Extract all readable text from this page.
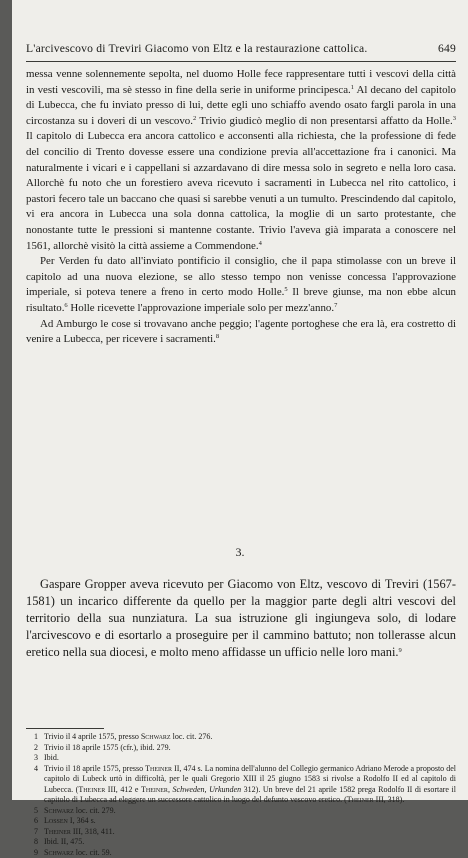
L'arcivescovo di Treviri Giacomo von Eltz e la restaurazione cattolica.	649

messa venne solennemente sepolta, nel duomo Holle fece rappresentare tutti i vescovi della città in vesti vescovili, ma sè stesso in fine della serie in uniforme principesca.$^1$ Al decano del capitolo di Lubecca, che fu inviato presso di lui, dette egli uno schiaffo avendo osato fargli parola in una circostanza su i doveri di un vescovo.$^2$ Trivio giudicò meglio di non presentarsi affatto da Holle.$^3$ Il capitolo di Lubecca era ancora cattolico e acconsenti alla richiesta, che la professione di fede del concilio di Trento dovesse essere una condizione previa all'accettazione fra i canonici. Ma naturalmente i vicari e i cappellani si azzardavano di dire messa solo in segreto e nella loro casa. Allorchè fu noto che un forestiero aveva ricevuto i sacramenti in Lubecca nel rito cattolico, i pastori fecero tale un baccano che quasi si sarebbe venuti a un tumulto. Prescindendo dal capitolo, vi era ancora in Lubecca una sola donna cattolica, la moglie di un sarto protestante, che nonostante tutte le pressioni si mantenne costante. Trivio l'aveva già imparata a conoscere nel 1561, allorchè visitò la città assieme a Commendone.$^4$

Per Verden fu dato all'inviato pontificio il consiglio, che il papa stimolasse con un breve il capitolo ad una nuova elezione, se allo stesso tempo non venisse concessa l'approvazione imperiale, si poteva tenere a freno in certo modo Holle.$^5$ Il breve giunse, ma non ebbe alcun risultato.$^6$ Holle ricevette l'approvazione imperiale solo per mezz'anno.$^7$

Ad Amburgo le cose si trovavano anche peggio; l'agente portoghese che era là, era costretto di venire a Lubecca, per ricevere i sacramenti.$^8$

3.

Gaspare Gropper aveva ricevuto per Giacomo von Eltz, vescovo di Treviri (1567-1581) un incarico differente da quello per la maggior parte degli altri vescovi del territorio della sua nunziatura. La sua istruzione gli ingiungeva solo, di lodare l'arcivescovo e di esortarlo a proseguire per il cammino battuto; non tollerasse alcun eretico nella sua diocesi, e molto meno affidasse un ufficio nelle loro mani.$^9$

1 Trivio il 4 aprile 1575, presso Schwarz loc. cit. 276.

2 Trivio il 18 aprile 1575 (cfr.), ibid. 279.

3 Ibid.

4 Trivio il 18 aprile 1575, presso Theiner II, 474 s. La nomina dell'alunno del Collegio germanico Adriano Merode a proposto del capitolo di Lubeck urtò in difficoltà, per le quali Gregorio XIII il 25 giugno 1583 si rivolse a Rodolfo II ed al capitolo di Lubecca. (Theiner III, 412 e Theiner, Schweden, Urkunden 312). Un breve del 21 aprile 1582 prega Rodolfo II di esortare il capitolo di Lubecca ad eleggere un successore cattolico in luogo del defunto vescovo eretico. (Theiner III, 318).

5 Schwarz loc. cit. 279.

6 Lossen I, 364 s.

7 Theiner III, 318, 411.

8 Ibid. II, 475.

9 Schwarz loc. cit. 59.
